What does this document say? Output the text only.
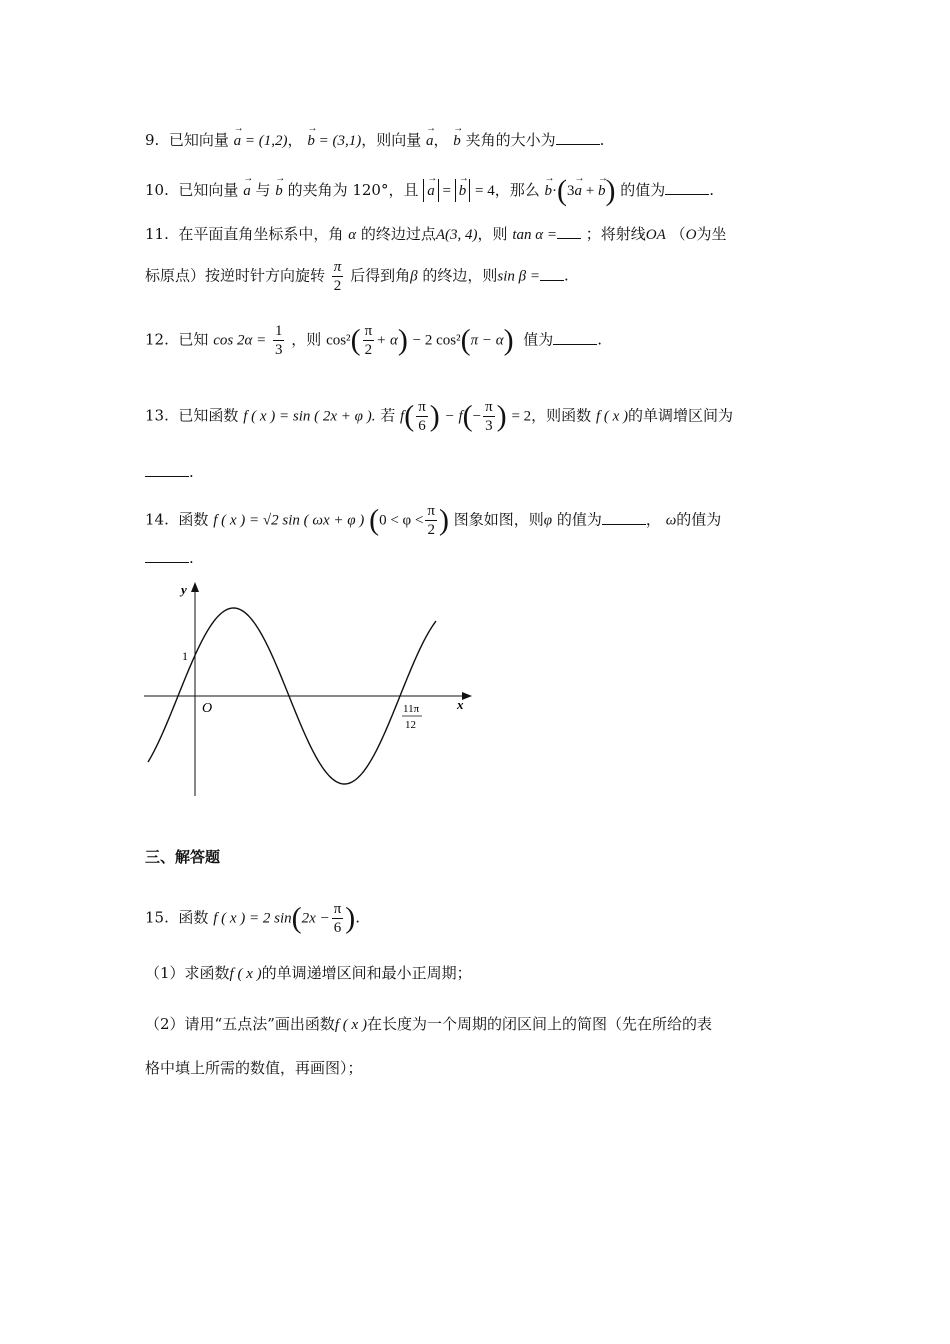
9. 已知向量 → a = (1,2)， → b = (3,1)，则向量 → a， → b 夹角的大小为	.
10. 已知向量 → a 与 → b 的夹角为 120°，且 → a = → b = 4，那么 → b·(3→ a + → b) 的值为	.
11. 在平面直角坐标系中，角 α 的终边过点A(3, 4)，则 tan α = ；将射线OA （O为坐
标原点）按逆时针方向旋转 $\frac{\pi}{2}$ 后得到角β 的终边，则sin β = .
12. 已知 $\cos 2\alpha = \frac{1}{3}$ ，则 $\cos^2( \frac{\pi}{2} + \alpha) - 2$ cos²(π − α) 值为	.
13. 已知函数 f ( x ) = sin ( 2x + φ ). 若 $f( \frac{\pi}{6}$ ) − $f(- \frac{\pi}{3}$ ) = 2，则函数 f ( x )的单调增区间为
.
14. 函数 f ( x ) = √2 sin ( ωx + φ ) ($0 < \varphi < \frac{\pi}{2}$ ) 图象如图，则φ 的值为	， ω的值为
.
y
x
O
1
11π
12
三、解答题
15. 函数 f ( x ) = 2 $\sin(2x - \frac{\pi}{6}$ ).
（1）求函数f ( x )的单调递增区间和最小正周期；
（2）请用“五点法”画出函数f ( x )在长度为一个周期的闭区间上的简图（先在所给的表
格中填上所需的数值，再画图）；
